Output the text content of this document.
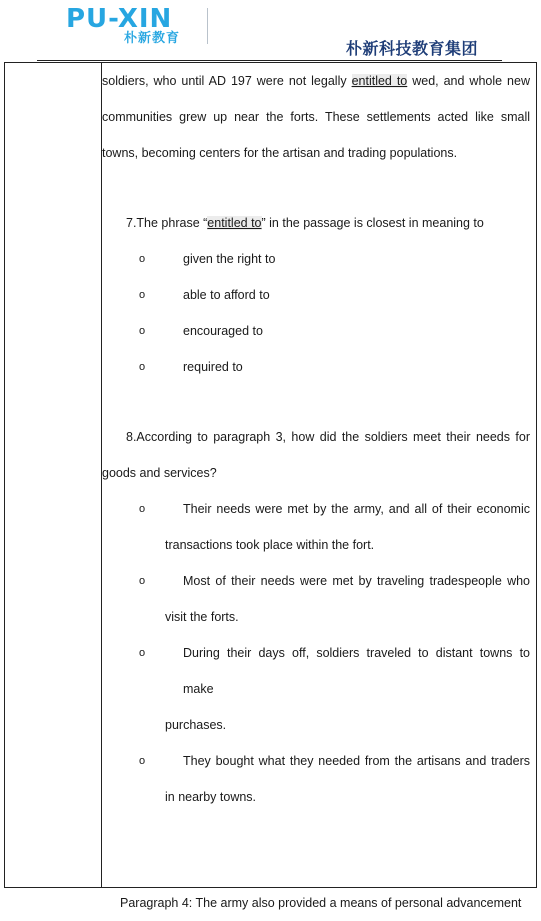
PU-XIN
朴新教育
朴新科技教育集团

soldiers, who until AD 197 were not legally entitled to wed, and whole new

communities grew up near the forts. These settlements acted like small

towns, becoming centers for the artisan and trading populations.

7.The phrase “entitled to” in the passage is closest in meaning to

o	given the right to
o	able to afford to
o	encouraged to
o	required to

8.According to paragraph 3, how did the soldiers meet their needs for

goods and services?

o	Their needs were met by the army, and all of their economic
transactions took place within the fort.
o	Most of their needs were met by traveling tradespeople who
visit the forts.
o	During their days off, soldiers traveled to distant towns to make
purchases.
o	They bought what they needed from the artisans and traders
in nearby towns.

Paragraph 4: The army also provided a means of personal advancement
